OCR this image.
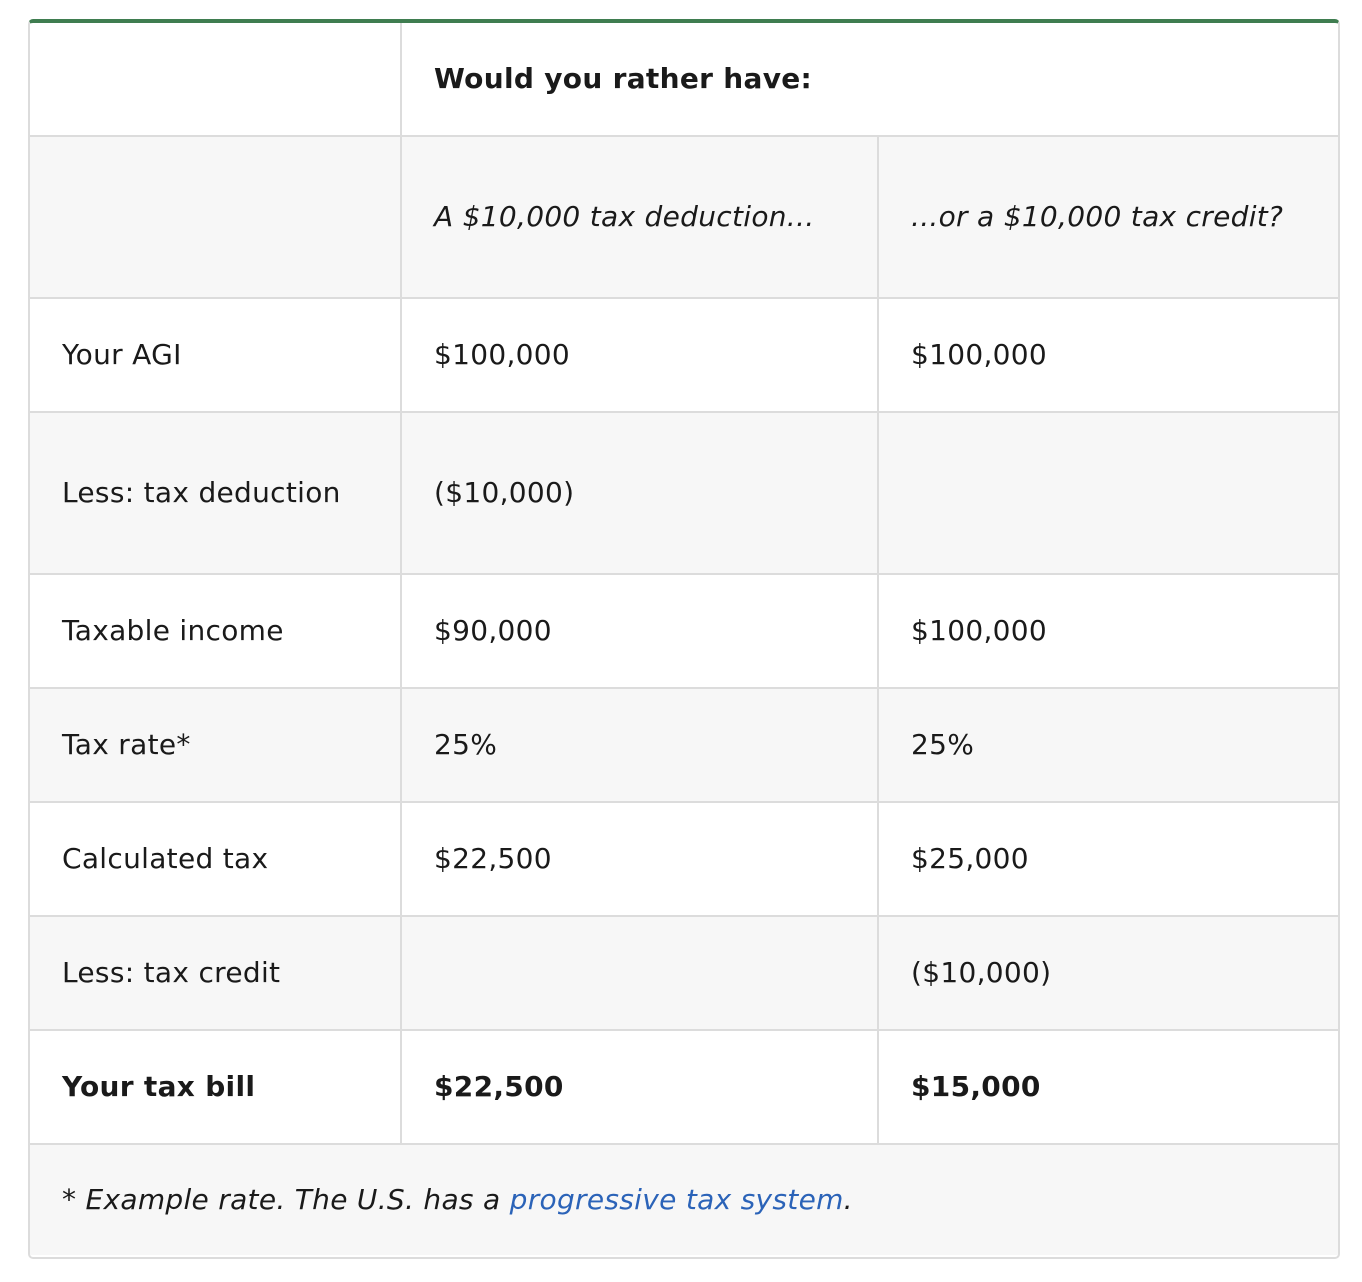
	Would you rather have:	
	A $10,000 tax deduction...	...or a $10,000 tax credit?
Your AGI	$100,000	$100,000
Less: tax deduction	($10,000)	
Taxable income	$90,000	$100,000
Tax rate*	25%	25%
Calculated tax	$22,500	$25,000
Less: tax credit		($10,000)
Your tax bill	$22,500	$15,000
* Example rate. The U.S. has a progressive tax system.		
